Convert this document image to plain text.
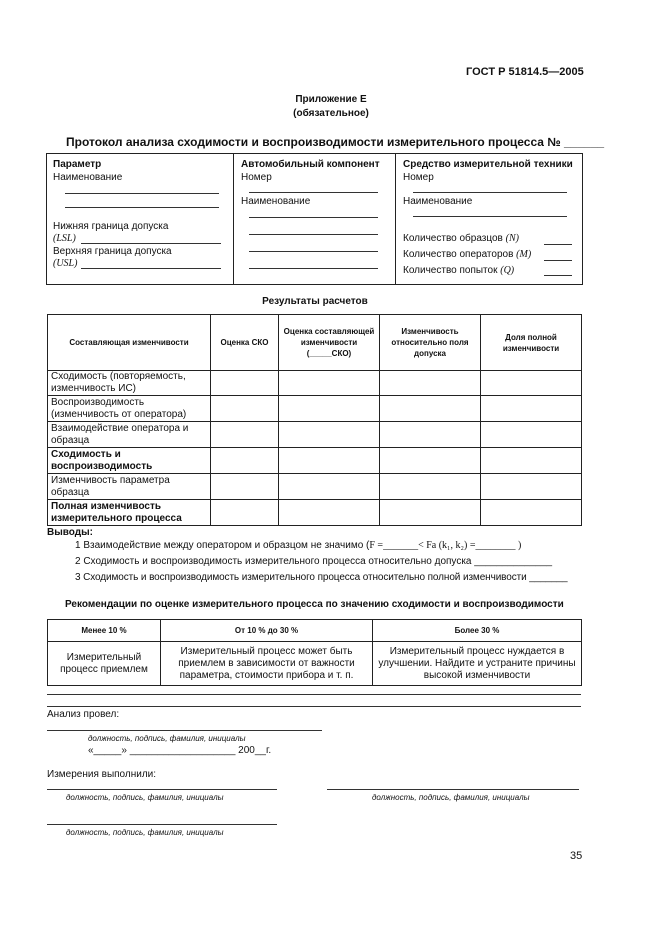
ГОСТ Р 51814.5—2005
Приложение Е
(обязательное)
Протокол анализа сходимости и воспроизводимости измерительного процесса № ______
Параметр
Наименование
Нижняя граница допуска
(LSL)
Верхняя граница допуска
(USL)
Автомобильный компонент
Номер
Наименование
Средство измерительной техники
Номер
Наименование
Количество образцов (N)
Количество операторов (M)
Количество попыток (Q)
Результаты расчетов
Составляющая изменчивости	Оценка СКО	Оценка составляющей изменчивости (_____СКО)	Изменчивость относительно поля допуска	Доля полной изменчивости
Сходимость (повторяемость, изменчивость ИС)				
Воспроизводимость (изменчивость от оператора)				
Взаимодействие оператора и образца				
Сходимость и воспроизводимость				
Изменчивость параметра образца				
Полная изменчивость измерительного процесса				
Выводы:
1 Взаимодействие между оператором и образцом не значимо (F =_______< Fa (k₁, k₂) =________ )
2 Сходимость и воспроизводимость измерительного процесса относительно допуска ______________
3 Сходимость и воспроизводимость измерительного процесса относительно полной изменчивости _______
Рекомендации по оценке измерительного процесса по значению сходимости и воспроизводимости
Менее 10 %	От 10 % до 30 %	Более 30 %
Измерительный процесс приемлем	Измерительный процесс может быть приемлем в зависимости от важности параметра, стоимости прибора и т. п.	Измерительный процесс нуждается в улучшении. Найдите и устраните причины высокой изменчивости
Анализ провел:
должность, подпись, фамилия, инициалы
«_____» ___________________ 200__г.
Измерения выполнили:
должность, подпись, фамилия, инициалы	должность, подпись, фамилия, инициалы
должность, подпись, фамилия, инициалы
35
